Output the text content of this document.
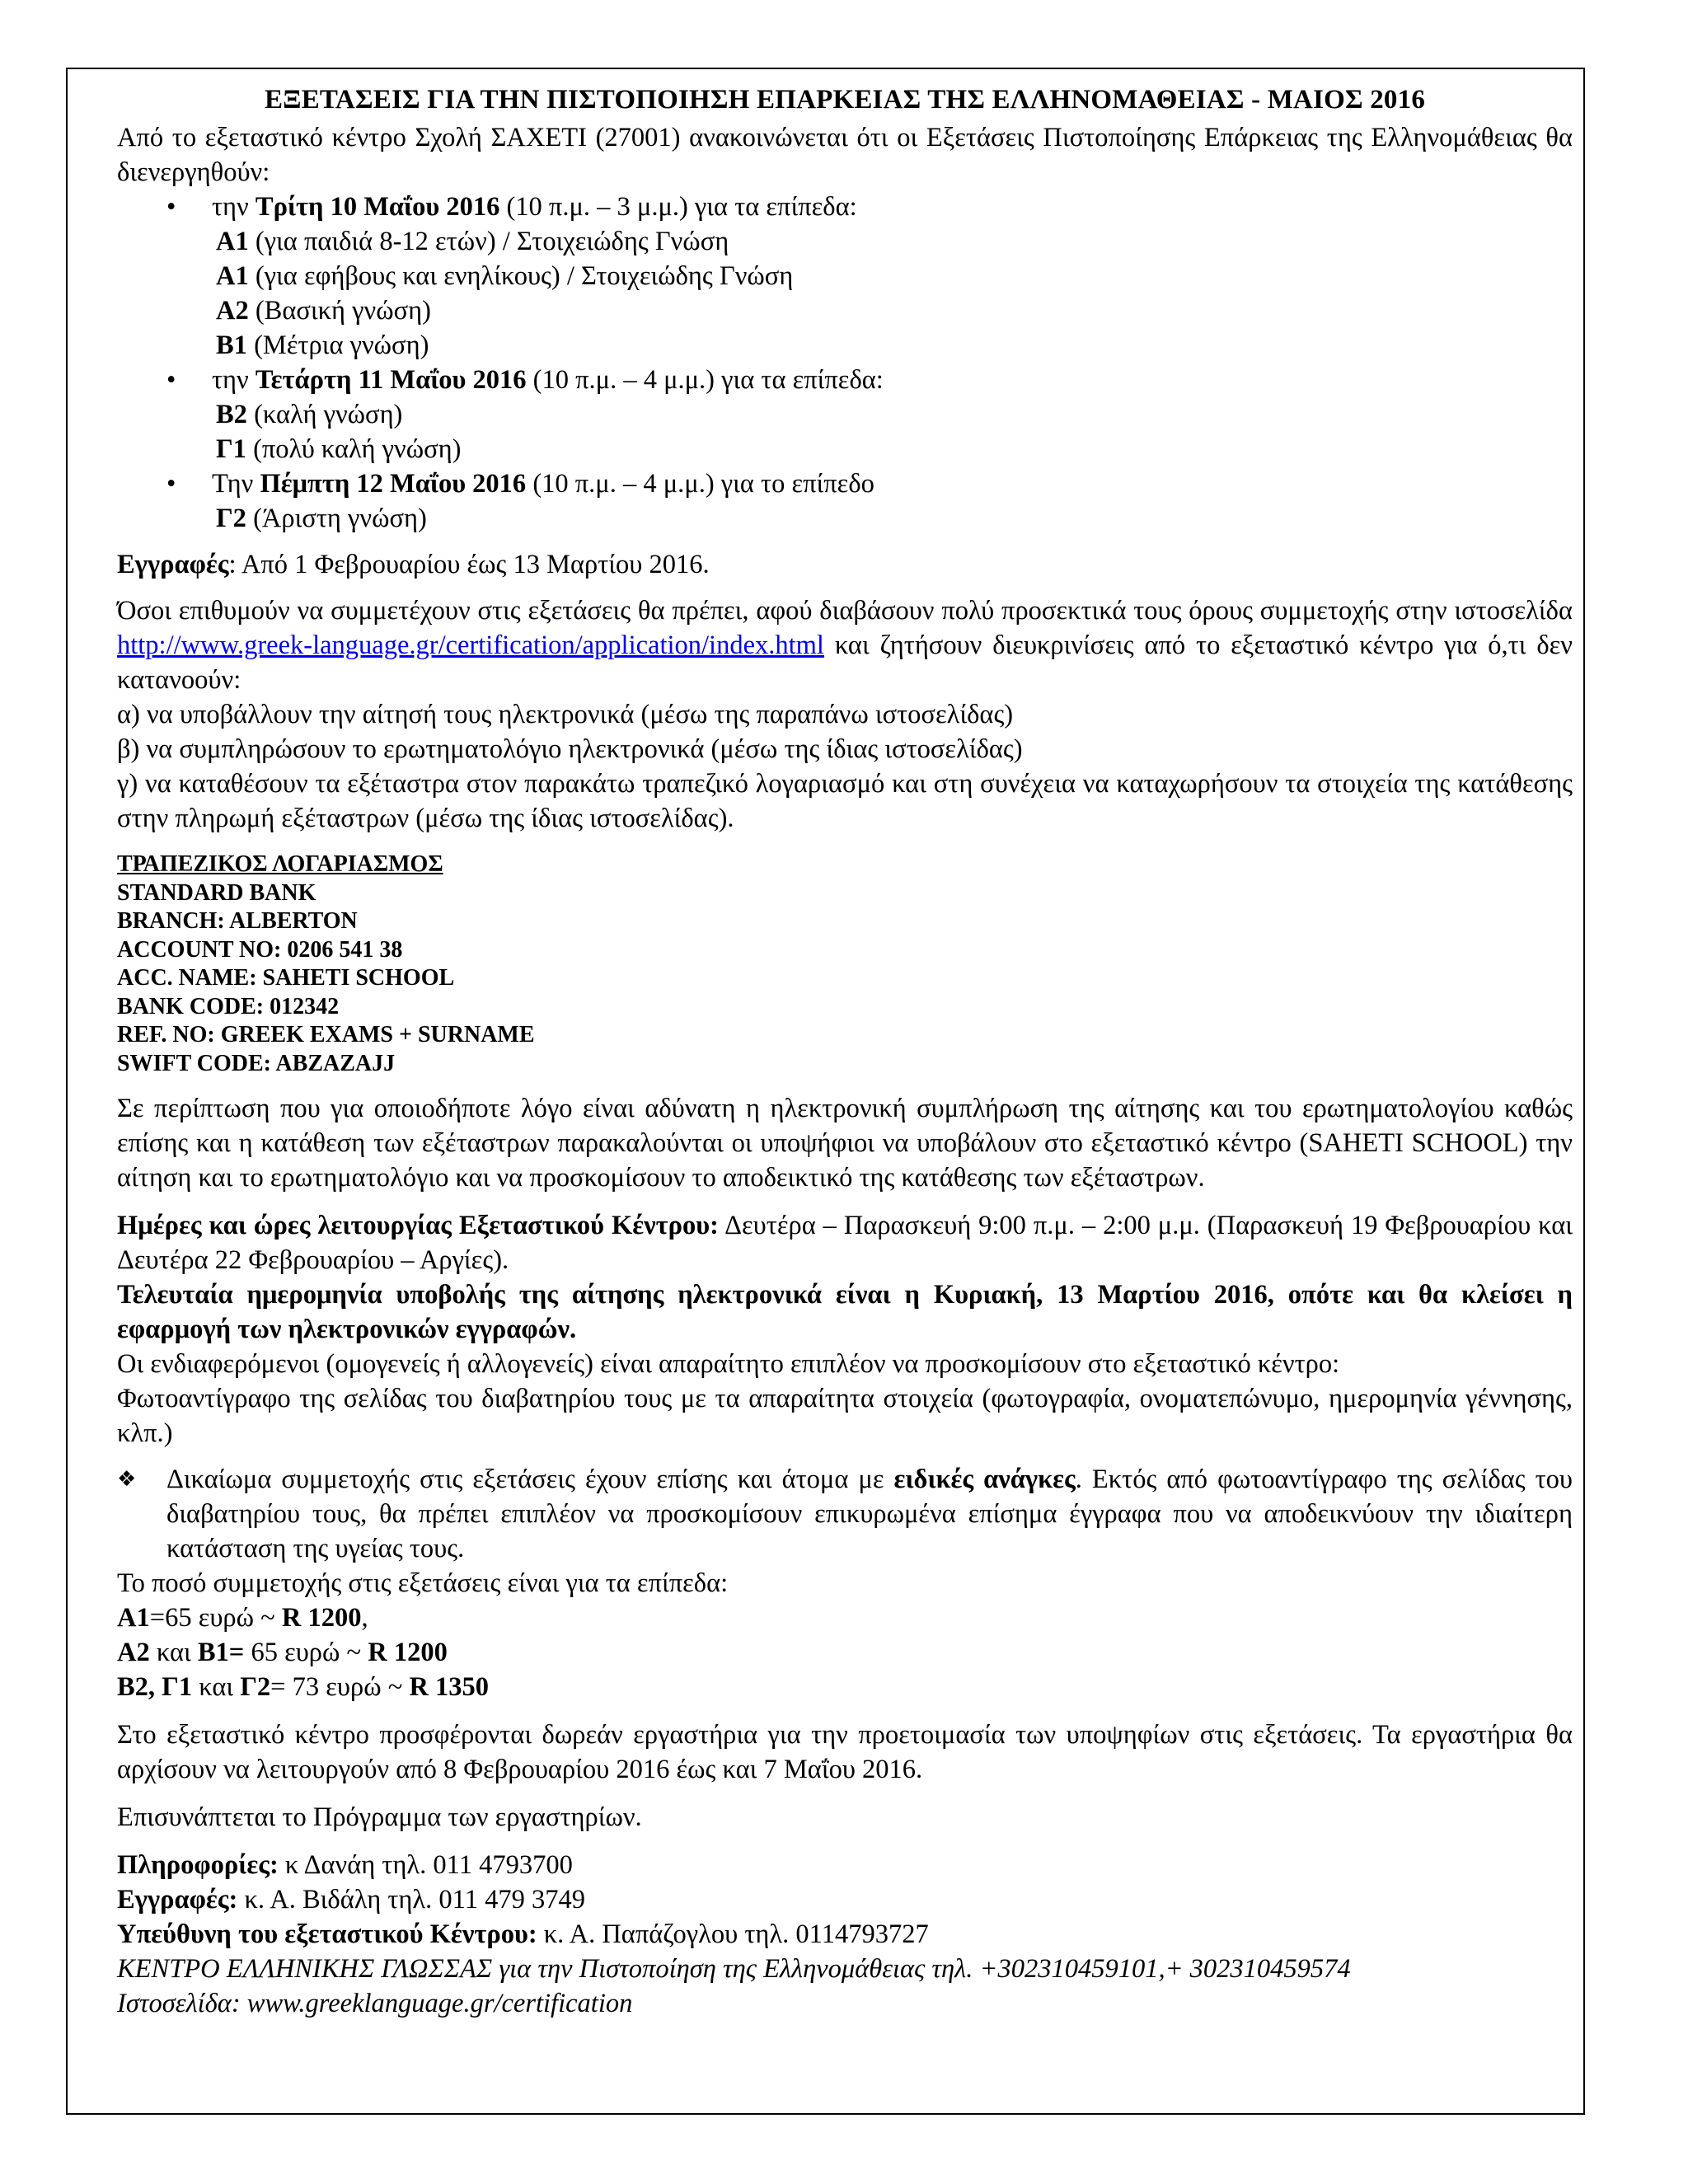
ΕΞΕΤΑΣΕΙΣ ΓΙΑ ΤΗΝ ΠΙΣΤΟΠΟΙΗΣΗ ΕΠΑΡΚΕΙΑΣ ΤΗΣ ΕΛΛΗΝΟΜΑΘΕΙΑΣ - ΜΑΙΟΣ 2016

Από το εξεταστικό κέντρο Σχολή ΣΑΧΕΤΙ (27001) ανακοινώνεται ότι οι Εξετάσεις Πιστοποίησης Επάρκειας της Ελληνομάθειας θα διενεργηθούν:

• την Τρίτη 10 Μαΐου 2016 (10 π.μ. – 3 μ.μ.) για τα επίπεδα:
Α1 (για παιδιά 8-12 ετών) / Στοιχειώδης Γνώση
Α1 (για εφήβους και ενηλίκους) / Στοιχειώδης Γνώση
Α2 (Βασική γνώση)
Β1 (Μέτρια γνώση)
• την Τετάρτη 11 Μαΐου 2016 (10 π.μ. – 4 μ.μ.) για τα επίπεδα:
Β2 (καλή γνώση)
Γ1 (πολύ καλή γνώση)
• Την Πέμπτη 12 Μαΐου 2016 (10 π.μ. – 4 μ.μ.) για το επίπεδο
Γ2 (Άριστη γνώση)

Εγγραφές: Από 1 Φεβρουαρίου έως 13 Μαρτίου 2016.

Όσοι επιθυμούν να συμμετέχουν στις εξετάσεις θα πρέπει, αφού διαβάσουν πολύ προσεκτικά τους όρους συμμετοχής στην ιστοσελίδα http://www.greek-language.gr/certification/application/index.html και ζητήσουν διευκρινίσεις από το εξεταστικό κέντρο για ό,τι δεν κατανοούν:

α) να υποβάλλουν την αίτησή τους ηλεκτρονικά (μέσω της παραπάνω ιστοσελίδας)

β) να συμπληρώσουν το ερωτηματολόγιο ηλεκτρονικά (μέσω της ίδιας ιστοσελίδας)

γ) να καταθέσουν τα εξέταστρα στον παρακάτω τραπεζικό λογαριασμό και στη συνέχεια να καταχωρήσουν τα στοιχεία της κατάθεσης στην πληρωμή εξέταστρων (μέσω της ίδιας ιστοσελίδας).

ΤΡΑΠΕΖΙΚΟΣ ΛΟΓΑΡΙΑΣΜΟΣ
STANDARD BANK
BRANCH: ALBERTON
ACCOUNT NO: 0206 541 38
ACC. NAME: SAHETI SCHOOL
BANK CODE: 012342
REF. NO: GREEK EXAMS + SURNAME
SWIFT CODE: ABZAZAJJ

Σε περίπτωση που για οποιοδήποτε λόγο είναι αδύνατη η ηλεκτρονική συμπλήρωση της αίτησης και του ερωτηματολογίου καθώς επίσης και η κατάθεση των εξέταστρων παρακαλούνται οι υποψήφιοι να υποβάλουν στο εξεταστικό κέντρο (SAHETI SCHOOL) την αίτηση και το ερωτηματολόγιο και να προσκομίσουν το αποδεικτικό της κατάθεσης των εξέταστρων.

Ημέρες και ώρες λειτουργίας Εξεταστικού Κέντρου: Δευτέρα – Παρασκευή 9:00 π.μ. – 2:00 μ.μ. (Παρασκευή 19 Φεβρουαρίου και Δευτέρα 22 Φεβρουαρίου – Αργίες).

Τελευταία ημερομηνία υποβολής της αίτησης ηλεκτρονικά είναι η Κυριακή, 13 Μαρτίου 2016, οπότε και θα κλείσει η εφαρμογή των ηλεκτρονικών εγγραφών.

Οι ενδιαφερόμενοι (ομογενείς ή αλλογενείς) είναι απαραίτητο επιπλέον να προσκομίσουν στο εξεταστικό κέντρο:

Φωτοαντίγραφο της σελίδας του διαβατηρίου τους με τα απαραίτητα στοιχεία (φωτογραφία, ονοματεπώνυμο, ημερομηνία γέννησης, κλπ.)

❖ Δικαίωμα συμμετοχής στις εξετάσεις έχουν επίσης και άτομα με ειδικές ανάγκες. Εκτός από φωτοαντίγραφο της σελίδας του διαβατηρίου τους, θα πρέπει επιπλέον να προσκομίσουν επικυρωμένα επίσημα έγγραφα που να αποδεικνύουν την ιδιαίτερη κατάσταση της υγείας τους.

Το ποσό συμμετοχής στις εξετάσεις είναι για τα επίπεδα:

Α1=65 ευρώ ~ R 1200,

Α2 και Β1= 65 ευρώ ~ R 1200

Β2, Γ1 και Γ2= 73 ευρώ ~ R 1350

Στο εξεταστικό κέντρο προσφέρονται δωρεάν εργαστήρια για την προετοιμασία των υποψηφίων στις εξετάσεις. Τα εργαστήρια θα αρχίσουν να λειτουργούν από 8 Φεβρουαρίου 2016 έως και 7 Μαΐου 2016.

Επισυνάπτεται το Πρόγραμμα των εργαστηρίων.

Πληροφορίες: κ Δανάη τηλ. 011 4793700

Εγγραφές: κ. Α. Βιδάλη τηλ. 011 479 3749

Υπεύθυνη του εξεταστικού Κέντρου: κ. Α. Παπάζογλου τηλ. 0114793727

ΚΕΝΤΡΟ ΕΛΛΗΝΙΚΗΣ ΓΛΩΣΣΑΣ για την Πιστοποίηση της Ελληνομάθειας τηλ. +302310459101,+ 302310459574

Ιστοσελίδα: www.greeklanguage.gr/certification
